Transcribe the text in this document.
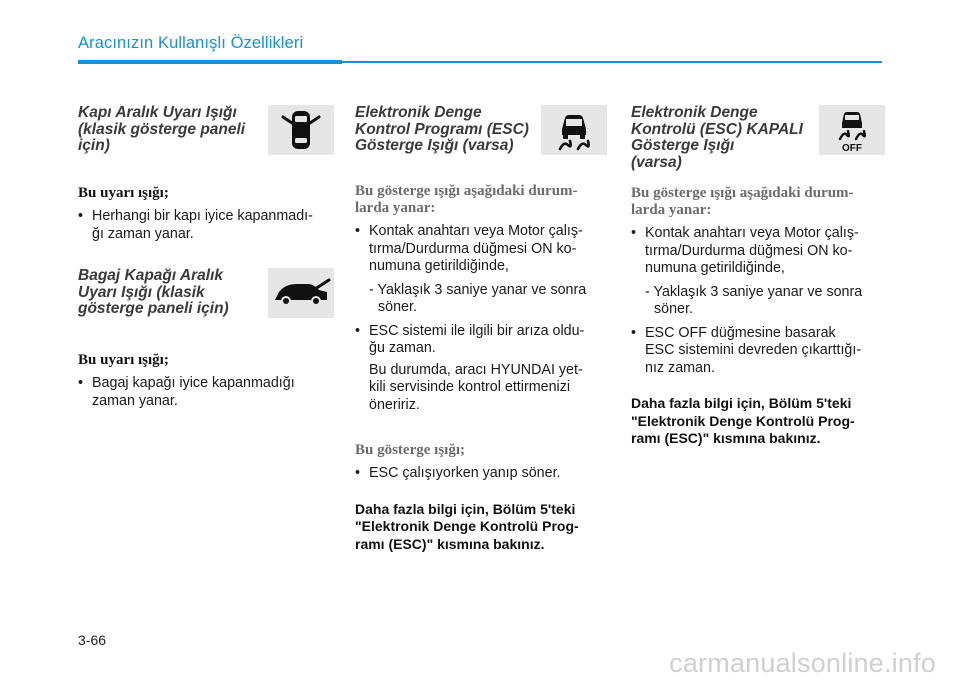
Aracınızın Kullanışlı Özellikleri
Kapı Aralık Uyarı Işığı
(klasik gösterge paneli
için)

Bu uyarı ışığı;

• Herhangi bir kapı iyice kapanmadı-
ğı zaman yanar.
Bagaj Kapağı Aralık
Uyarı Işığı (klasik
gösterge paneli için)

Bu uyarı ışığı;

• Bagaj kapağı iyice kapanmadığı
zaman yanar.
Elektronik Denge
Kontrol Programı (ESC)
Gösterge Işığı (varsa)

Bu gösterge ışığı aşağıdaki durum-
larda yanar:

• Kontak anahtarı veya Motor çalış-
tırma/Durdurma düğmesi ON ko-
numuna getirildiğinde,
- Yaklaşık 3 saniye yanar ve sonra
söner.
• ESC sistemi ile ilgili bir arıza oldu-
ğu zaman.
Bu durumda, aracı HYUNDAI yet-
kili servisinde kontrol ettirmenizi
öneririz.

Bu gösterge ışığı;

• ESC çalışıyorken yanıp söner.

Daha fazla bilgi için, Bölüm 5'teki
"Elektronik Denge Kontrolü Prog-
ramı (ESC)" kısmına bakınız.

Elektronik Denge
Kontrolü (ESC) KAPALI
Gösterge Işığı
(varsa)
OFF

Bu gösterge ışığı aşağıdaki durum-
larda yanar:

• Kontak anahtarı veya Motor çalış-
tırma/Durdurma düğmesi ON ko-
numuna getirildiğinde,
- Yaklaşık 3 saniye yanar ve sonra
söner.
• ESC OFF düğmesine basarak
ESC sistemini devreden çıkarttığı-
nız zaman.

Daha fazla bilgi için, Bölüm 5'teki
"Elektronik Denge Kontrolü Prog-
ramı (ESC)" kısmına bakınız.

3-66
carmanualsonline.info
